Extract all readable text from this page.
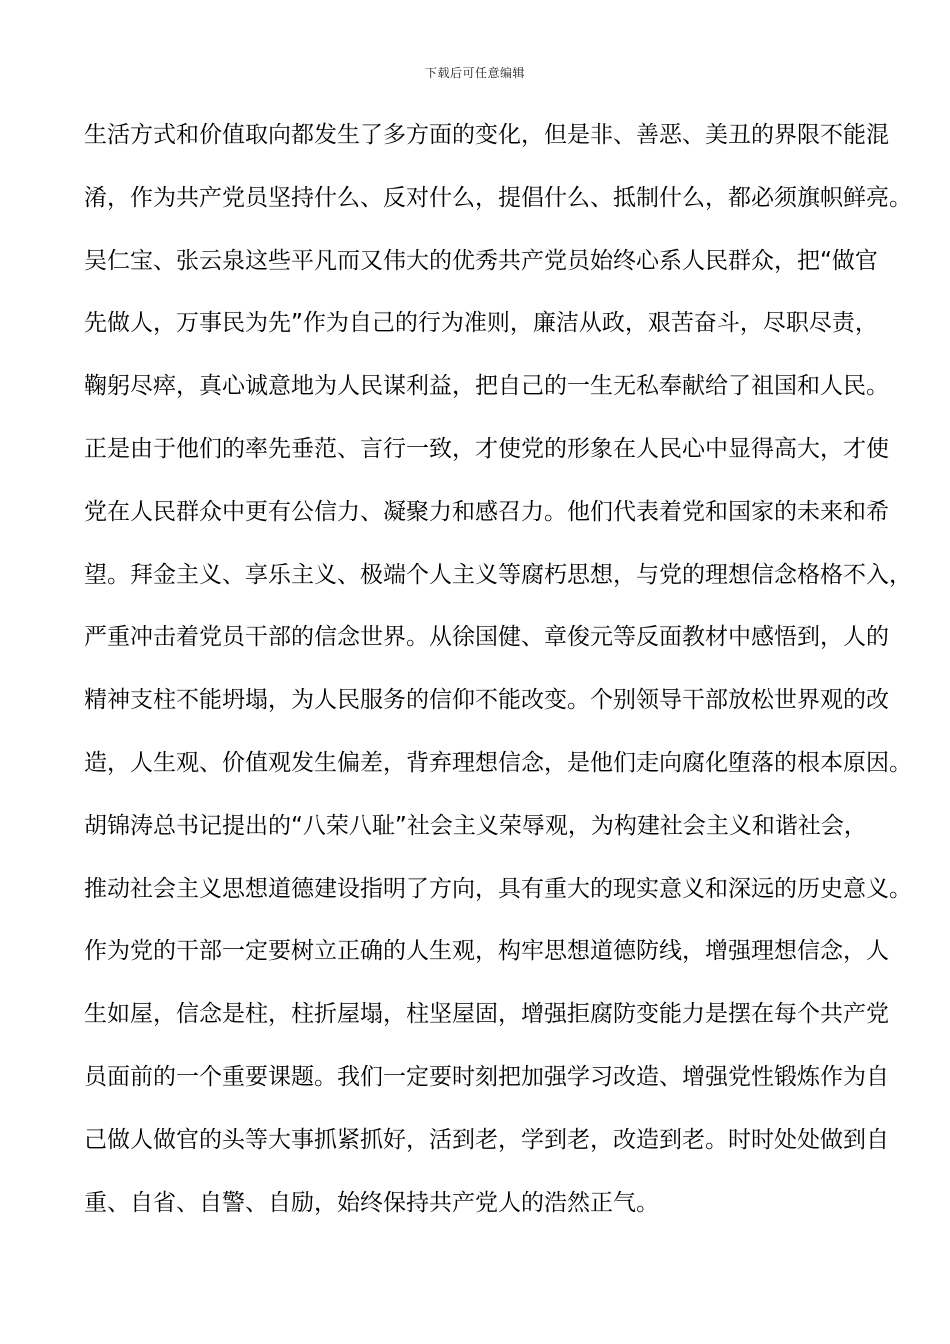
下载后可任意编辑
生活方式和价值取向都发生了多方面的变化，但是非、善恶、美丑的界限不能混
淆，作为共产党员坚持什么、反对什么，提倡什么、抵制什么，都必须旗帜鲜亮。
吴仁宝、张云泉这些平凡而又伟大的优秀共产党员始终心系人民群众，把“做官
先做人，万事民为先”作为自己的行为准则，廉洁从政，艰苦奋斗，尽职尽责，
鞠躬尽瘁，真心诚意地为人民谋利益，把自己的一生无私奉献给了祖国和人民。
正是由于他们的率先垂范、言行一致，才使党的形象在人民心中显得高大，才使
党在人民群众中更有公信力、凝聚力和感召力。他们代表着党和国家的未来和希
望。拜金主义、享乐主义、极端个人主义等腐朽思想，与党的理想信念格格不入，
严重冲击着党员干部的信念世界。从徐国健、章俊元等反面教材中感悟到，人的
精神支柱不能坍塌，为人民服务的信仰不能改变。个别领导干部放松世界观的改
造，人生观、价值观发生偏差，背弃理想信念，是他们走向腐化堕落的根本原因。
胡锦涛总书记提出的“八荣八耻”社会主义荣辱观，为构建社会主义和谐社会，
推动社会主义思想道德建设指明了方向，具有重大的现实意义和深远的历史意义。
作为党的干部一定要树立正确的人生观，构牢思想道德防线，增强理想信念，人
生如屋，信念是柱，柱折屋塌，柱坚屋固，增强拒腐防变能力是摆在每个共产党
员面前的一个重要课题。我们一定要时刻把加强学习改造、增强党性锻炼作为自
己做人做官的头等大事抓紧抓好，活到老，学到老，改造到老。时时处处做到自
重、自省、自警、自励，始终保持共产党人的浩然正气。
